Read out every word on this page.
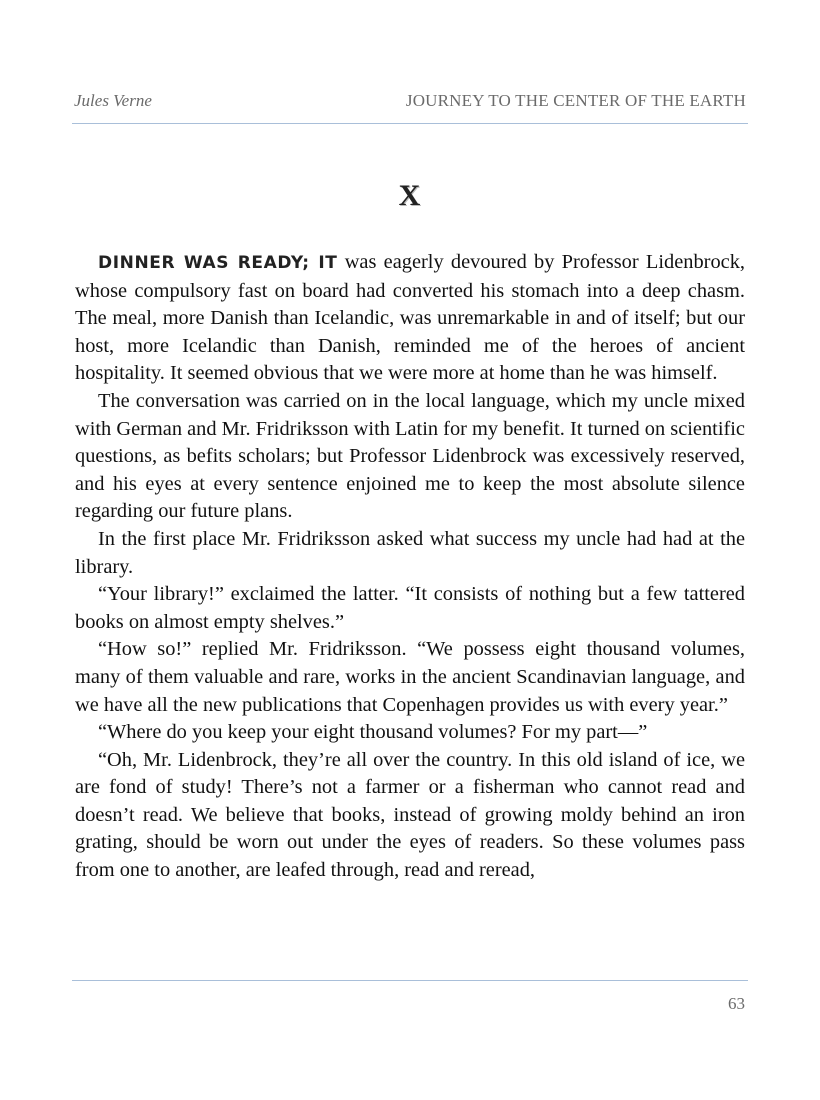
Jules Verne	JOURNEY TO THE CENTER OF THE EARTH
X

DINNER WAS READY; IT was eagerly devoured by Professor Lidenbrock, whose compulsory fast on board had converted his stomach into a deep chasm. The meal, more Danish than Icelandic, was unremarkable in and of itself; but our host, more Icelandic than Danish, reminded me of the heroes of ancient hospitality. It seemed obvious that we were more at home than he was himself.

The conversation was carried on in the local language, which my uncle mixed with German and Mr. Fridriksson with Latin for my benefit. It turned on scientific questions, as befits scholars; but Professor Lidenbrock was excessively reserved, and his eyes at every sentence enjoined me to keep the most absolute silence regarding our future plans.

In the first place Mr. Fridriksson asked what success my uncle had had at the library.

“Your library!” exclaimed the latter. “It consists of nothing but a few tattered books on almost empty shelves.”

“How so!” replied Mr. Fridriksson. “We possess eight thousand volumes, many of them valuable and rare, works in the ancient Scandinavian language, and we have all the new publications that Copenhagen provides us with every year.”

“Where do you keep your eight thousand volumes? For my part—”

“Oh, Mr. Lidenbrock, they’re all over the country. In this old island of ice, we are fond of study! There’s not a farmer or a fisherman who cannot read and doesn’t read. We believe that books, instead of growing moldy behind an iron grating, should be worn out under the eyes of readers. So these volumes pass from one to another, are leafed through, read and reread,

63
